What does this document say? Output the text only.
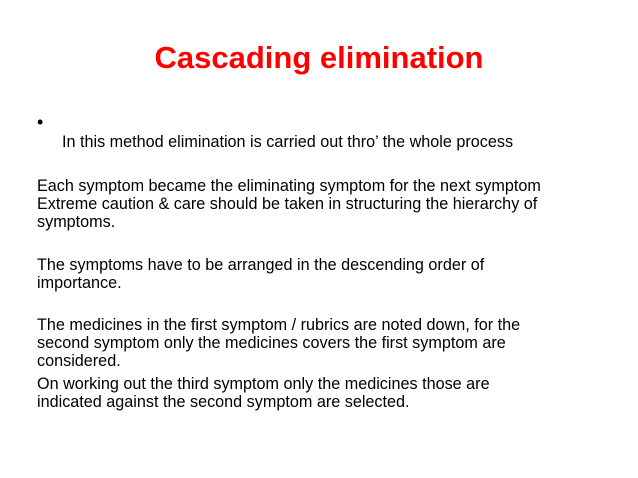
Cascading elimination
•
In this method elimination is carried out thro’ the whole process
Each symptom became the eliminating symptom for the next symptom
Extreme caution & care should be taken in structuring the hierarchy of
symptoms.
The symptoms have to be arranged in the descending order of
importance.
The medicines in the first symptom / rubrics are noted down, for the
second symptom only the medicines covers the first symptom are
considered.
On working out the third symptom only the medicines those are
indicated against the second symptom are selected.
